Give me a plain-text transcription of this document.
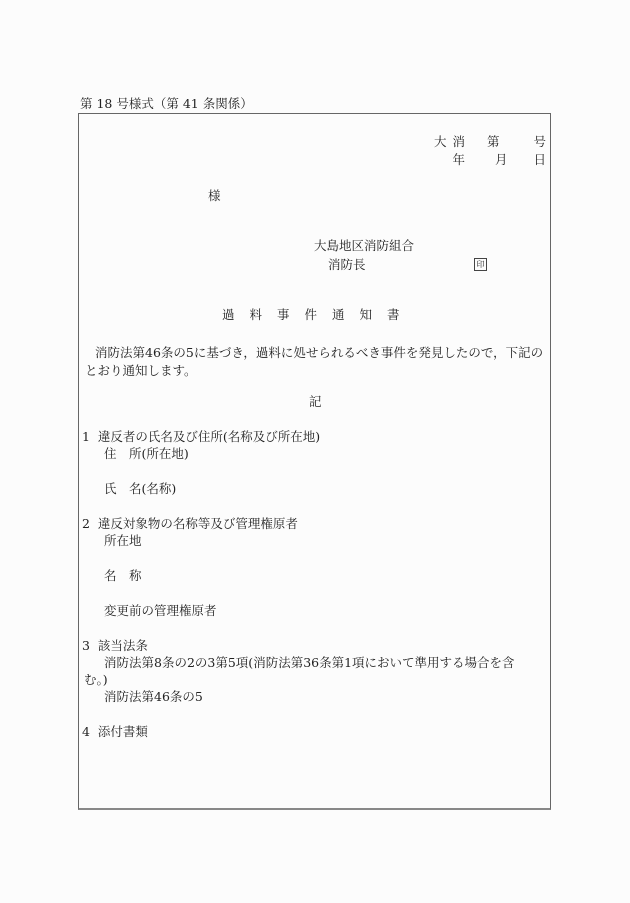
第 18 号様式（第 41 条関係）
大 消 第	号
年 月 日
様
大島地区消防組合
消防長	印
過 料 事 件 通 知 書
消防法第46条の5に基づき，過料に処せられるべき事件を発見したので，下記のとおり通知します。
記
1 違反者の氏名及び住所(名称及び所在地)
住　所(所在地)
氏　名(名称)
2 違反対象物の名称等及び管理権原者
所在地
名　称
変更前の管理権原者
3 該当法条
消防法第8条の2の3第5項(消防法第36条第1項において準用する場合を含
む。)
消防法第46条の5
4 添付書類
